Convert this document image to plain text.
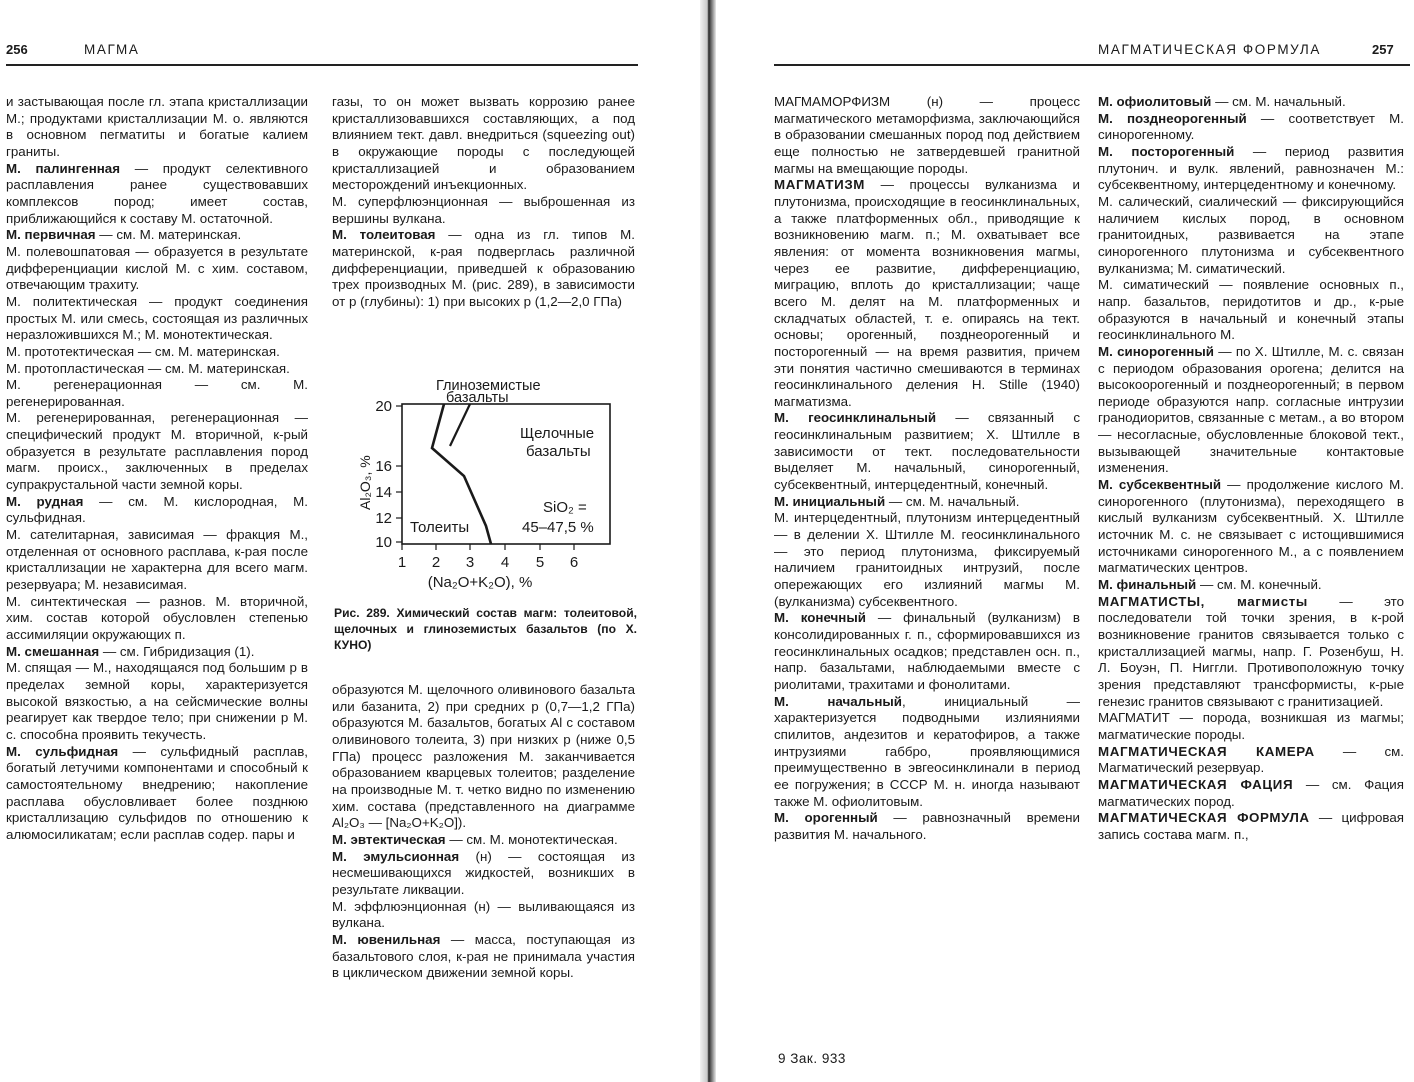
256	МАГМА

и застывающая после гл. этапа кристаллизации М.; продуктами кристаллизации М. о. являются в основном пегматиты и богатые калием граниты.

М. палингенная — продукт селективного расплавления ранее существовавших комплексов пород; имеет состав, приближающийся к составу М. остаточной.

М. первичная — см. М. материнская.

М. полевошпатовая — образуется в результате дифференциации кислой М. с хим. составом, отвечающим трахиту.

М. политектическая — продукт соединения простых М. или смесь, состоящая из различных неразложившихся М.; М. монотектическая.

М. прототектическая — см. М. материнская.

М. протопластическая — см. М. материнская.

М. регенерационная — см. М. регенерированная.

М. регенерированная, регенерационная — специфический продукт М. вторичной, к-рый образуется в результате расплавления пород магм. происх., заключенных в пределах супракрустальной части земной коры.

М. рудная — см. М. кислородная, М. сульфидная.

М. сателитарная, зависимая — фракция М., отделенная от основного расплава, к-рая после кристаллизации не характерна для всего магм. резервуара; М. независимая.

М. синтектическая — разнов. М. вторичной, хим. состав которой обусловлен степенью ассимиляции окружающих п.

М. смешанная — см. Гибридизация (1).

М. спящая — М., находящаяся под большим p в пределах земной коры, характеризуется высокой вязкостью, а на сейсмические волны реагирует как твердое тело; при снижении p М. с. способна проявить текучесть.

М. сульфидная — сульфидный расплав, богатый летучими компонентами и способный к самостоятельному внедрению; накопление расплава обусловливает более позднюю кристаллизацию сульфидов по отношению к алюмосиликатам; если расплав содер. пары и

газы, то он может вызвать коррозию ранее кристаллизовавшихся составляющих, а под влиянием тект. давл. внедриться (squeezing out) в окружающие породы с последующей кристаллизацией и образованием месторождений инъекционных.

М. суперфлюэнционная — выброшенная из вершины вулкана.

М. толеитовая — одна из гл. типов М. материнской, к-рая подверглась различной дифференциации, приведшей к образованию трех производных М. (рис. 289), в зависимости от p (глубины): 1) при высоких p (1,2—2,0 ГПа)

20
16
14
12
10
Al₂O₃, %
1 2 3 4 5 6
(Na₂O+K₂O), %
Глиноземистые
базальты
Щелочные
базальты
Толеиты
SiO₂ =
45–47,5 %
Рис. 289. Химический состав магм: толеитовой, щелочных и глиноземистых базальтов (по Х. КУНО)

образуются М. щелочного оливинового базальта или базанита, 2) при средних p (0,7—1,2 ГПа) образуются М. базальтов, богатых Al с составом оливинового толеита, 3) при низких p (ниже 0,5 ГПа) процесс разложения М. заканчивается образованием кварцевых толеитов; разделение на производные М. т. четко видно по изменению хим. состава (представленного на диаграмме Al₂O₃ — [Na₂O+K₂O]).

М. эвтектическая — см. М. монотектическая.

М. эмульсионная (н) — состоящая из несмешивающихся жидкостей, возникших в результате ликвации.

М. эффлюэнционная (н) — выливающаяся из вулкана.

М. ювенильная — масса, поступающая из базальтового слоя, к-рая не принимала участия в циклическом движении земной коры.

МАГМАТИЧЕСКАЯ ФОРМУЛА	257

МАГМАМОРФИЗМ (н) — процесс магматического метаморфизма, заключающийся в образовании смешанных пород под действием еще полностью не затвердевшей гранитной магмы на вмещающие породы.

МАГМАТИЗМ — процессы вулканизма и плутонизма, происходящие в геосинклинальных, а также платформенных обл., приводящие к возникновению магм. п.; М. охватывает все явления: от момента возникновения магмы, через ее развитие, дифференциацию, миграцию, вплоть до кристаллизации; чаще всего М. делят на М. платформенных и складчатых областей, т. е. опираясь на тект. основы; орогенный, позднеорогенный и посторогенный — на время развития, причем эти понятия частично смешиваются в терминах геосинклинального деления H. Stille (1940) магматизма.

М. геосинклинальный — связанный с геосинклинальным развитием; Х. Штилле в зависимости от тект. последовательности выделяет М. начальный, синорогенный, субсеквентный, интерцедентный, конечный.

М. инициальный — см. М. начальный.

М. интерцедентный, плутонизм интерцедентный — в делении Х. Штилле М. геосинклинального — это период плутонизма, фиксируемый наличием гранитоидных интрузий, после опережающих его излияний магмы М. (вулканизма) субсеквентного.

М. конечный — финальный (вулканизм) в консолидированных г. п., сформировавшихся из геосинклинальных осадков; представлен осн. п., напр. базальтами, наблюдаемыми вместе с риолитами, трахитами и фонолитами.

М. начальный, инициальный — характеризуется подводными излияниями спилитов, андезитов и кератофиров, а также интрузиями габбро, проявляющимися преимущественно в эвгеосинклинали в период ее погружения; в СССР М. н. иногда называют также М. офиолитовым.

М. орогенный — равнозначный времени развития М. начального.

М. офиолитовый — см. М. начальный.

М. позднеорогенный — соответствует М. синорогенному.

М. посторогенный — период развития плутонич. и вулк. явлений, равнозначен М.: субсеквентному, интерцедентному и конечному.

М. салический, сиалический — фиксирующийся наличием кислых пород, в основном гранитоидных, развивается на этапе синорогенного плутонизма и субсеквентного вулканизма; М. симатический.

М. симатический — появление основных п., напр. базальтов, перидотитов и др., к-рые образуются в начальный и конечный этапы геосинклинального М.

М. синорогенный — по Х. Штилле, М. с. связан с периодом образования орогена; делится на высокоорогенный и позднеорогенный; в первом периоде образуются напр. согласные интрузии гранодиоритов, связанные с метам., а во втором — несогласные, обусловленные блоковой тект., вызывающей значительные контактовые изменения.

М. субсеквентный — продолжение кислого М. синорогенного (плутонизма), переходящего в кислый вулканизм субсеквентный. Х. Штилле источник М. с. не связывает с истощившимися источниками синорогенного М., а с появлением магматических центров.

М. финальный — см. М. конечный.

МАГМАТИСТЫ, магмисты — это последователи той точки зрения, в к-рой возникновение гранитов связывается только с кристаллизацией магмы, напр. Г. Розенбуш, Н. Л. Боуэн, П. Ниггли. Противоположную точку зрения представляют трансформисты, к-рые генезис гранитов связывают с гранитизацией.

МАГМАТИТ — порода, возникшая из магмы; магматические породы.

МАГМАТИЧЕСКАЯ КАМЕРА — см. Магматический резервуар.

МАГМАТИЧЕСКАЯ ФАЦИЯ — см. Фация магматических пород.

МАГМАТИЧЕСКАЯ ФОРМУЛА — цифровая запись состава магм. п.,

9 Зак. 933
